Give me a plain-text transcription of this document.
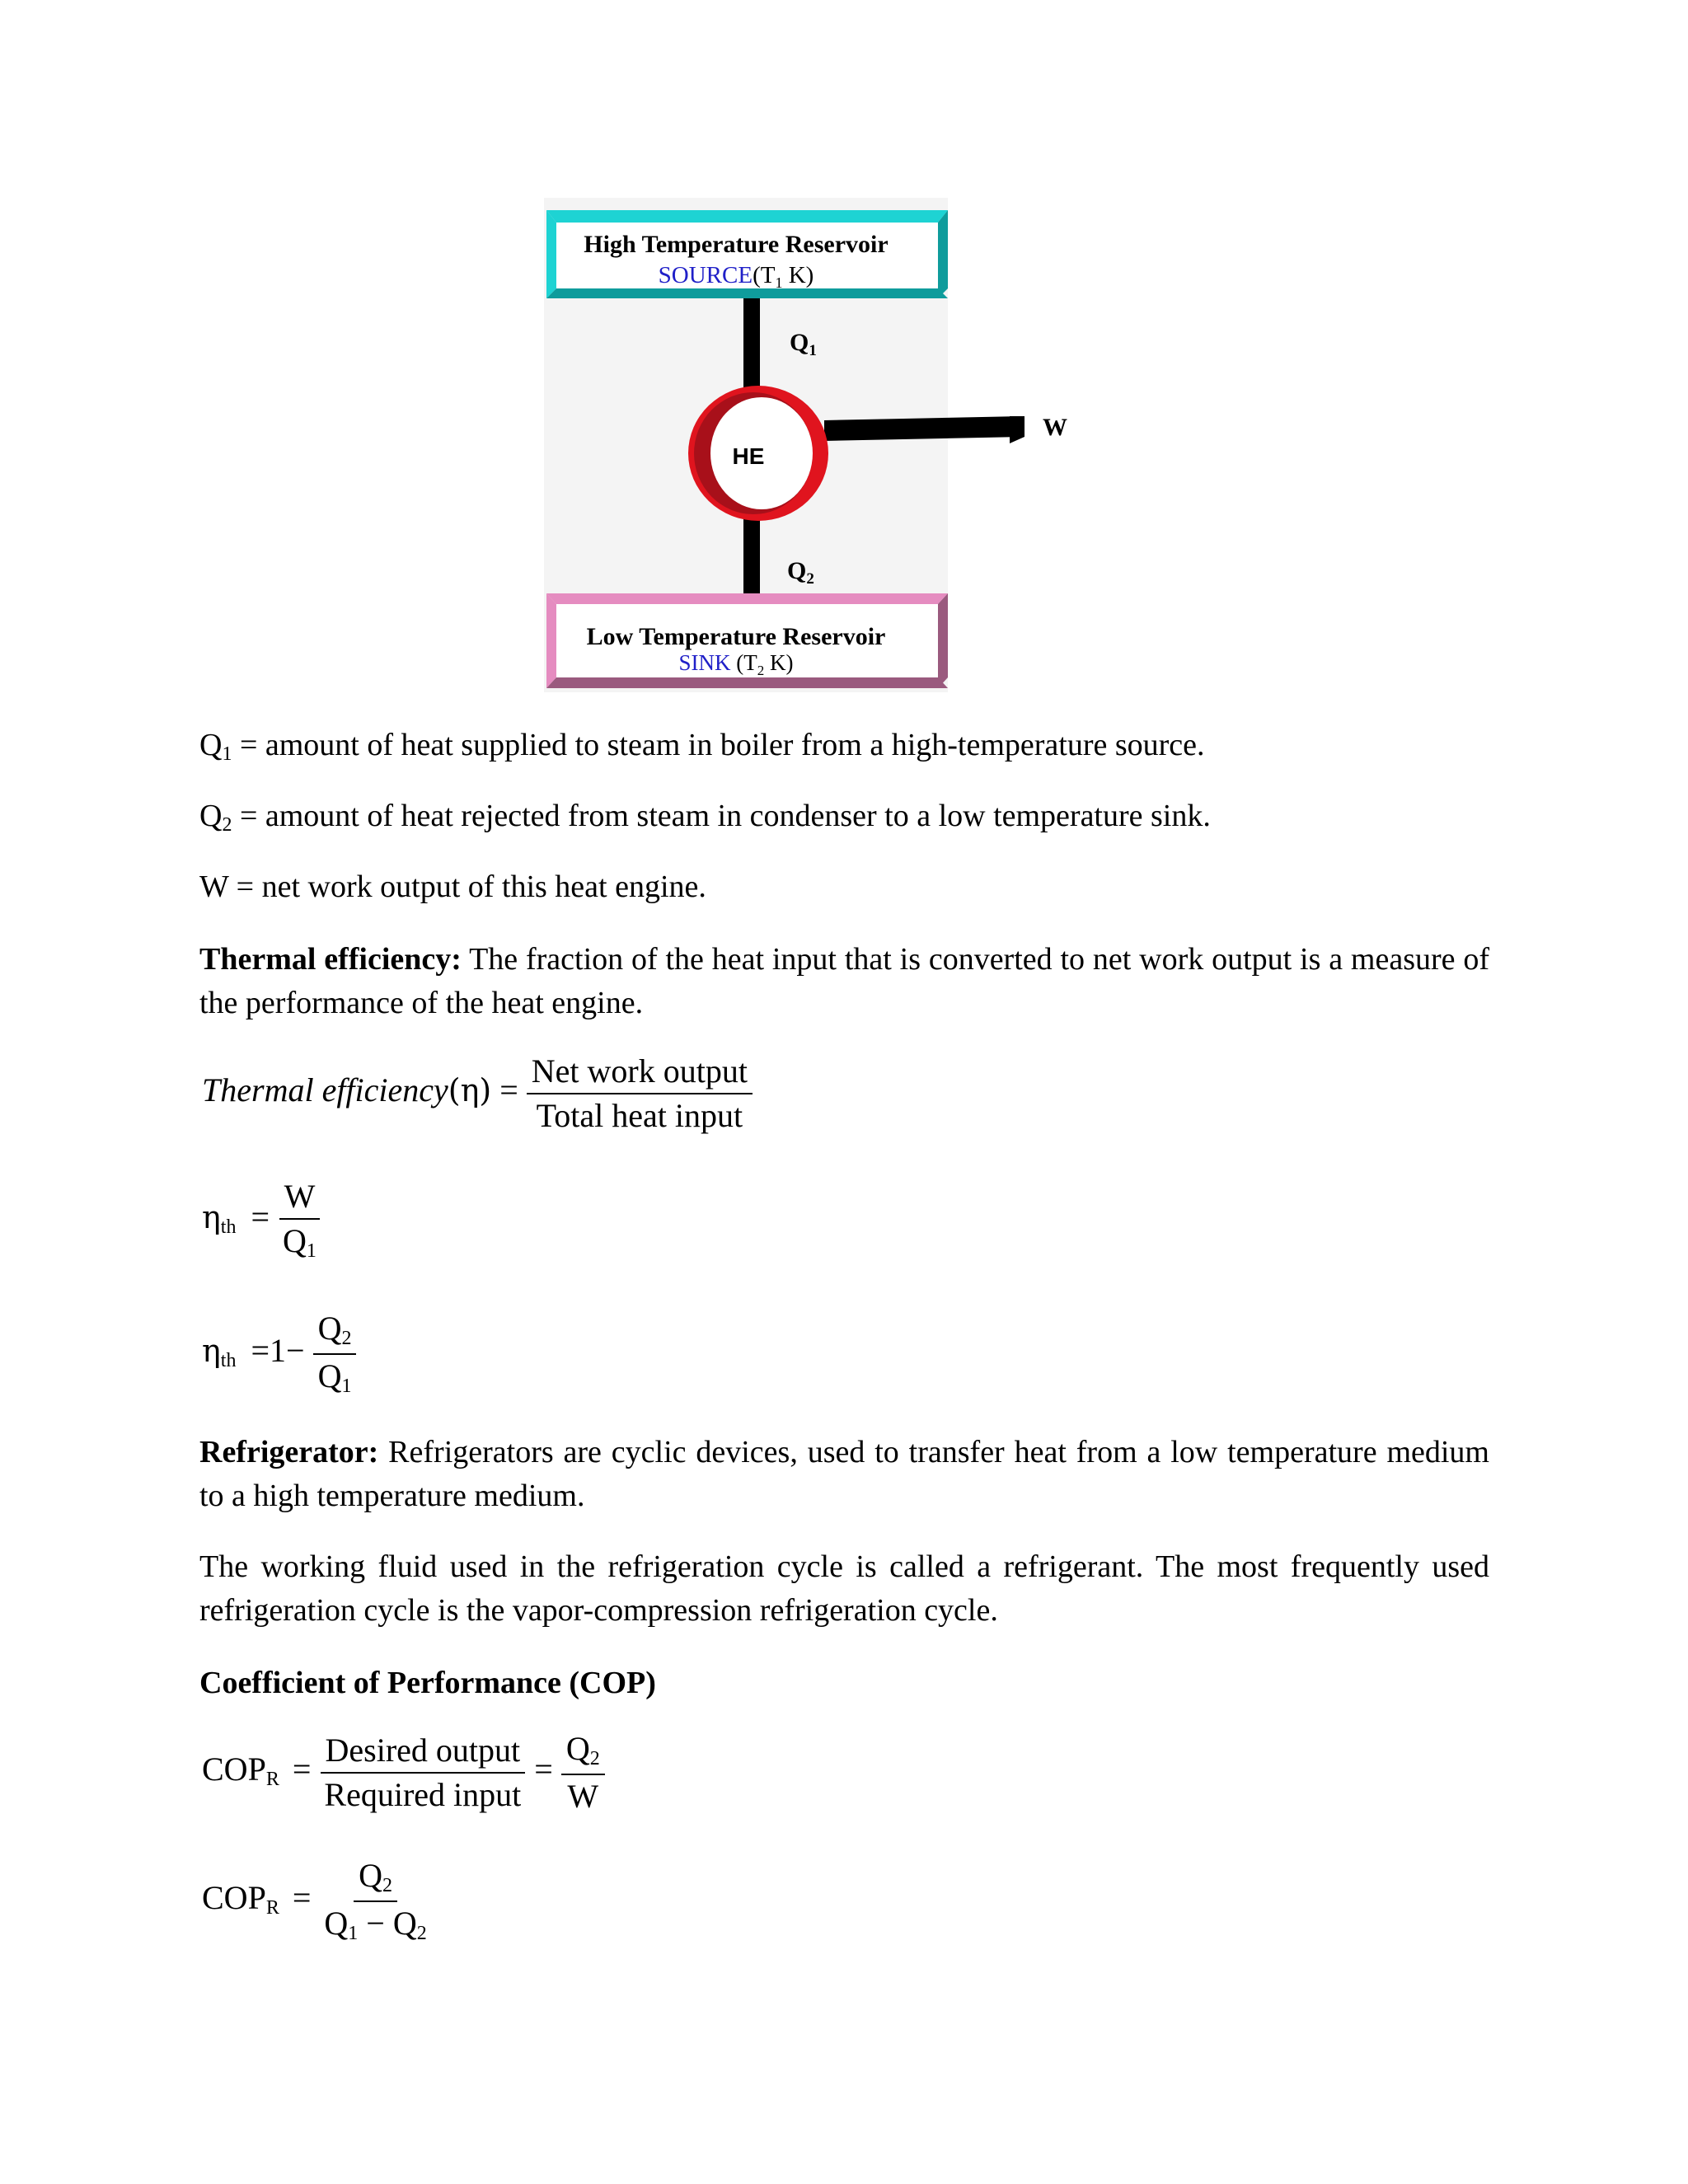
High Temperature Reservoir
$SOURCE(T_1$ K)
$Q_1$
HE
W
$Q_2$
Low Temperature Reservoir
SINK ($T_2$ K)
$Q_1$ = amount of heat supplied to steam in boiler from a high-temperature source.
$Q_2$ = amount of heat rejected from steam in condenser to a low temperature sink.
W = net work output of this heat engine.
Thermal efficiency: The fraction of the heat input that is converted to net work output is a measure of the performance of the heat engine.
Thermal efficiency(η) = $\frac{\text{Net work output}}{\text{Total heat input}}$
$\eta_{th} = \frac{W}{Q_1}$
$\eta_{th} =1- \frac{Q_2}{Q_1}$
Refrigerator: Refrigerators are cyclic devices, used to transfer heat from a low temperature medium to a high temperature medium.
The working fluid used in the refrigeration cycle is called a refrigerant. The most frequently used refrigeration cycle is the vapor-compression refrigeration cycle.
Coefficient of Performance (COP)
$COP_R = \frac{\text{Desired output}}{\text{Required input}} = \frac{Q_2}{W}$
$COP_R = \frac{Q_2}{Q_1 - Q_2}$
